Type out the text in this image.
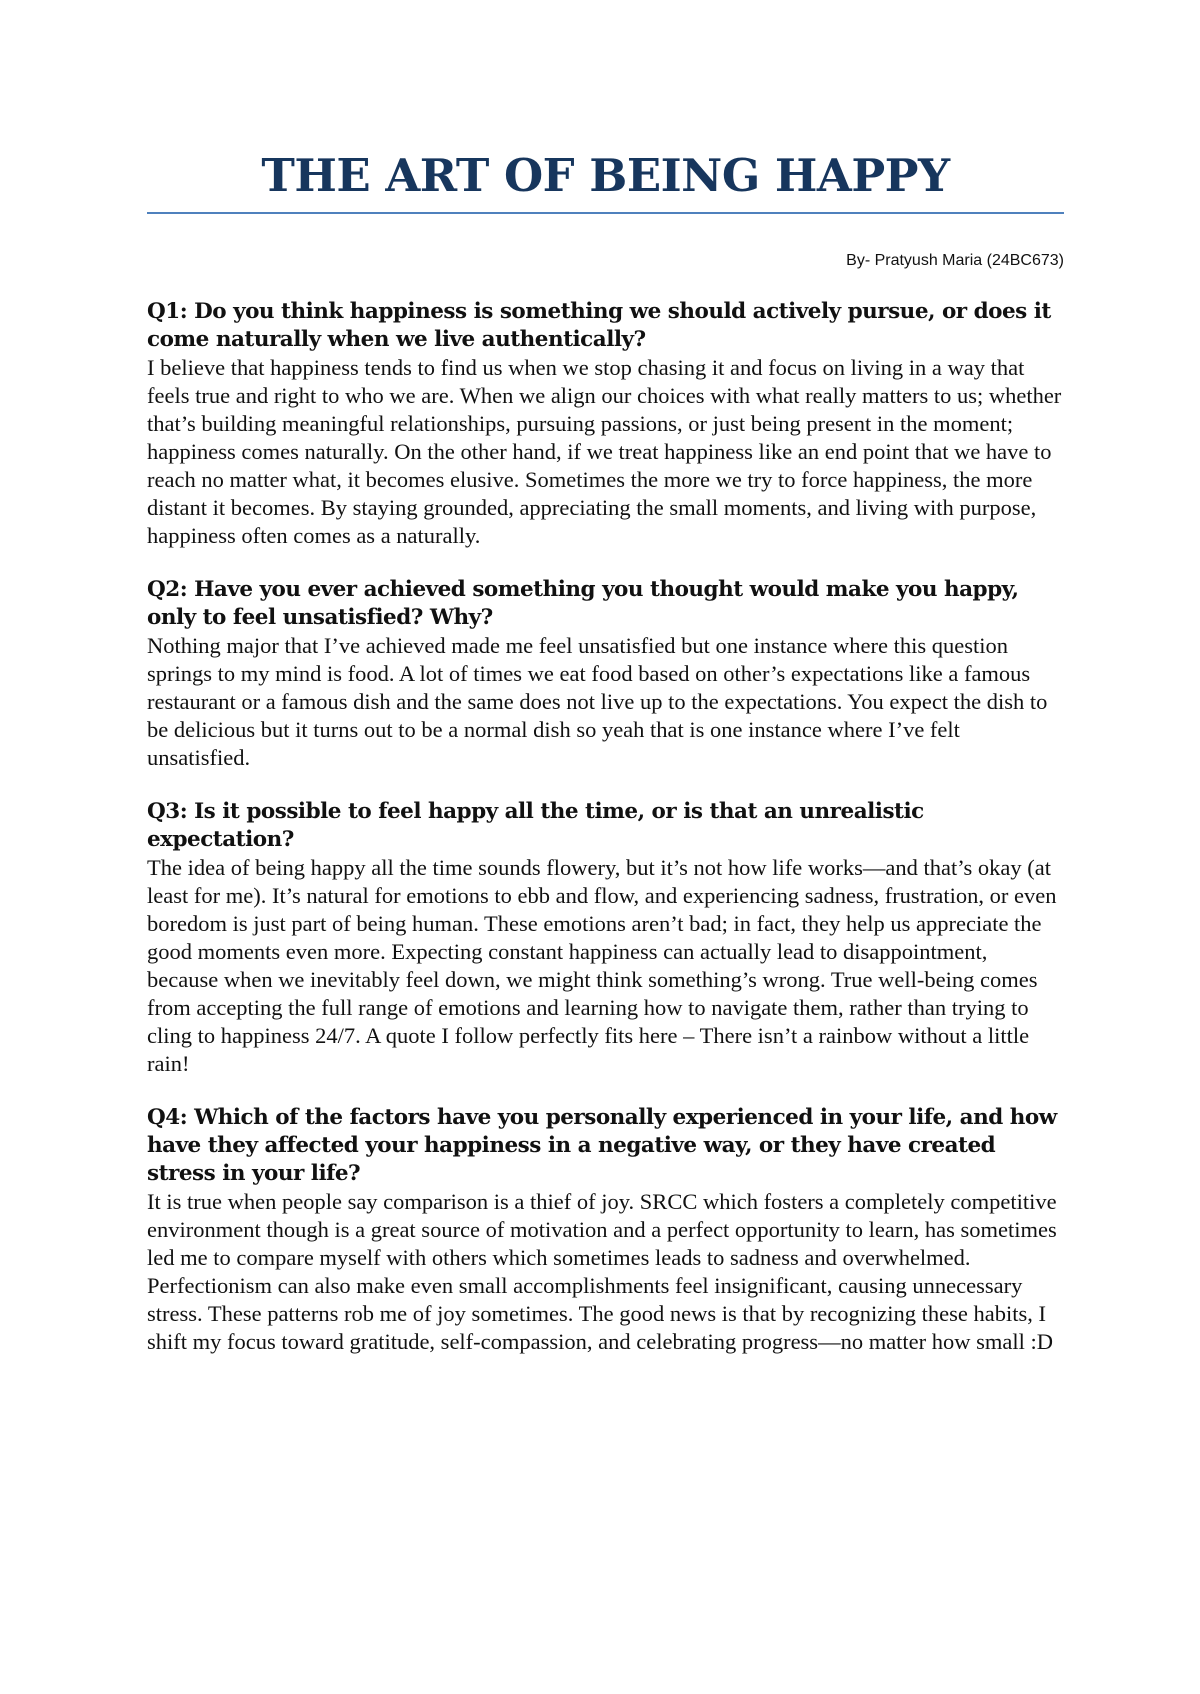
THE ART OF BEING HAPPY
By- Pratyush Maria (24BC673)

Q1: Do you think happiness is something we should actively pursue, or does it come naturally when we live authentically?

I believe that happiness tends to find us when we stop chasing it and focus on living in a way that feels true and right to who we are. When we align our choices with what really matters to us; whether that’s building meaningful relationships, pursuing passions, or just being present in the moment; happiness comes naturally. On the other hand, if we treat happiness like an end point that we have to reach no matter what, it becomes elusive. Sometimes the more we try to force happiness, the more distant it becomes. By staying grounded, appreciating the small moments, and living with purpose, happiness often comes as a naturally.

Q2: Have you ever achieved something you thought would make you happy, only to feel unsatisfied? Why?

Nothing major that I’ve achieved made me feel unsatisfied but one instance where this question springs to my mind is food. A lot of times we eat food based on other’s expectations like a famous restaurant or a famous dish and the same does not live up to the expectations. You expect the dish to be delicious but it turns out to be a normal dish so yeah that is one instance where I’ve felt unsatisfied.

Q3: Is it possible to feel happy all the time, or is that an unrealistic expectation?

The idea of being happy all the time sounds flowery, but it’s not how life works—and that’s okay (at least for me). It’s natural for emotions to ebb and flow, and experiencing sadness, frustration, or even boredom is just part of being human. These emotions aren’t bad; in fact, they help us appreciate the good moments even more. Expecting constant happiness can actually lead to disappointment, because when we inevitably feel down, we might think something’s wrong. True well-being comes from accepting the full range of emotions and learning how to navigate them, rather than trying to cling to happiness 24/7. A quote I follow perfectly fits here – There isn’t a rainbow without a little rain!

Q4: Which of the factors have you personally experienced in your life, and how have they affected your happiness in a negative way, or they have created stress in your life?

It is true when people say comparison is a thief of joy. SRCC which fosters a completely competitive environment though is a great source of motivation and a perfect opportunity to learn, has sometimes led me to compare myself with others which sometimes leads to sadness and overwhelmed. Perfectionism can also make even small accomplishments feel insignificant, causing unnecessary stress. These patterns rob me of joy sometimes. The good news is that by recognizing these habits, I shift my focus toward gratitude, self-compassion, and celebrating progress—no matter how small :D
